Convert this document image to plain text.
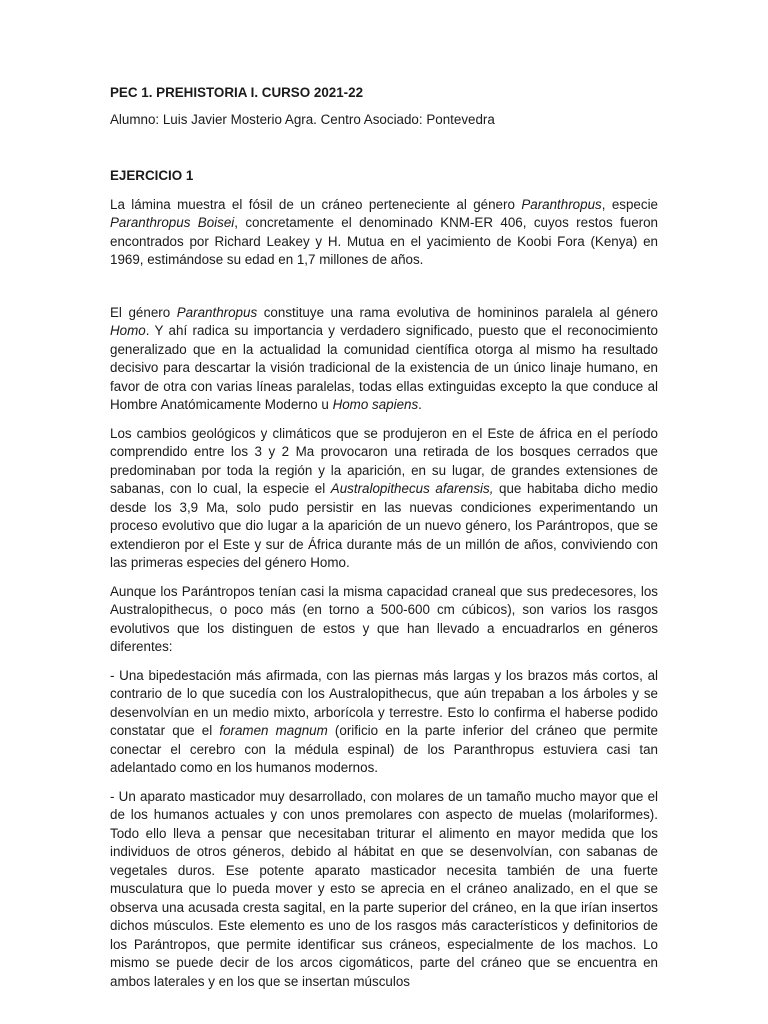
PEC 1. PREHISTORIA I. CURSO 2021-22
Alumno: Luis Javier Mosterio Agra. Centro Asociado: Pontevedra
EJERCICIO 1

La lámina muestra el fósil de un cráneo perteneciente al género Paranthropus, especie Paranthropus Boisei, concretamente el denominado KNM-ER 406, cuyos restos fueron encontrados por Richard Leakey y H. Mutua en el yacimiento de Koobi Fora (Kenya) en 1969, estimándose su edad en 1,7 millones de años.

El género Paranthropus constituye una rama evolutiva de homininos paralela al género Homo. Y ahí radica su importancia y verdadero significado, puesto que el reconocimiento generalizado que en la actualidad la comunidad científica otorga al mismo ha resultado decisivo para descartar la visión tradicional de la existencia de un único linaje humano, en favor de otra con varias líneas paralelas, todas ellas extinguidas excepto la que conduce al Hombre Anatómicamente Moderno u Homo sapiens.

Los cambios geológicos y climáticos que se produjeron en el Este de áfrica en el período comprendido entre los 3 y 2 Ma provocaron una retirada de los bosques cerrados que predominaban por toda la región y la aparición, en su lugar, de grandes extensiones de sabanas, con lo cual, la especie el Australopithecus afarensis, que habitaba dicho medio desde los 3,9 Ma, solo pudo persistir en las nuevas condiciones experimentando un proceso evolutivo que dio lugar a la aparición de un nuevo género, los Parántropos, que se extendieron por el Este y sur de África durante más de un millón de años, conviviendo con las primeras especies del género Homo.

Aunque los Parántropos tenían casi la misma capacidad craneal que sus predecesores, los Australopithecus, o poco más (en torno a 500-600 cm cúbicos), son varios los rasgos evolutivos que los distinguen de estos y que han llevado a encuadrarlos en géneros diferentes:

- Una bipedestación más afirmada, con las piernas más largas y los brazos más cortos, al contrario de lo que sucedía con los Australopithecus, que aún trepaban a los árboles y se desenvolvían en un medio mixto, arborícola y terrestre. Esto lo confirma el haberse podido constatar que el foramen magnum (orificio en la parte inferior del cráneo que permite conectar el cerebro con la médula espinal) de los Paranthropus estuviera casi tan adelantado como en los humanos modernos.

- Un aparato masticador muy desarrollado, con molares de un tamaño mucho mayor que el de los humanos actuales y con unos premolares con aspecto de muelas (molariformes). Todo ello lleva a pensar que necesitaban triturar el alimento en mayor medida que los individuos de otros géneros, debido al hábitat en que se desenvolvían, con sabanas de vegetales duros. Ese potente aparato masticador necesita también de una fuerte musculatura que lo pueda mover y esto se aprecia en el cráneo analizado, en el que se observa una acusada cresta sagital, en la parte superior del cráneo, en la que irían insertos dichos músculos. Este elemento es uno de los rasgos más característicos y definitorios de los Parántropos, que permite identificar sus cráneos, especialmente de los machos. Lo mismo se puede decir de los arcos cigomáticos, parte del cráneo que se encuentra en ambos laterales y en los que se insertan músculos
